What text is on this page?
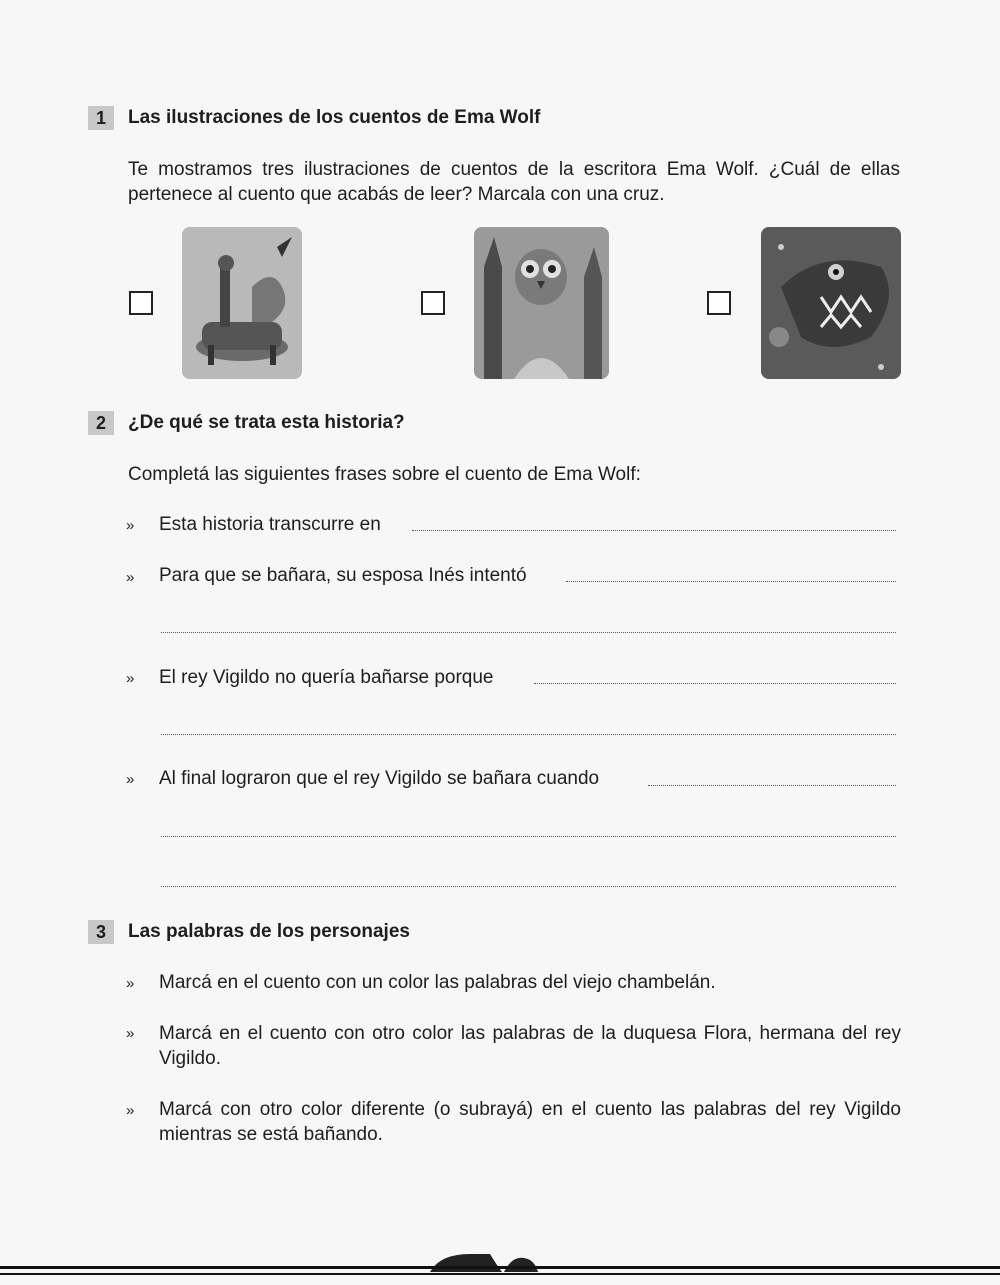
1	Las ilustraciones de los cuentos de Ema Wolf
Te mostramos tres ilustraciones de cuentos de la escritora Ema Wolf. ¿Cuál de ellas pertenece al cuento que acabás de leer? Marcala con una cruz.
2	¿De qué se trata esta historia?
Completá las siguientes frases sobre el cuento de Ema Wolf:
» Esta historia transcurre en
» Para que se bañara, su esposa Inés intentó
» El rey Vigildo no quería bañarse porque
» Al final lograron que el rey Vigildo se bañara cuando
3	Las palabras de los personajes
» Marcá en el cuento con un color las palabras del viejo chambelán.
» Marcá en el cuento con otro color las palabras de la duquesa Flora, hermana del rey Vigildo.
» Marcá con otro color diferente (o subrayá) en el cuento las palabras del rey Vigildo mientras se está bañando.
